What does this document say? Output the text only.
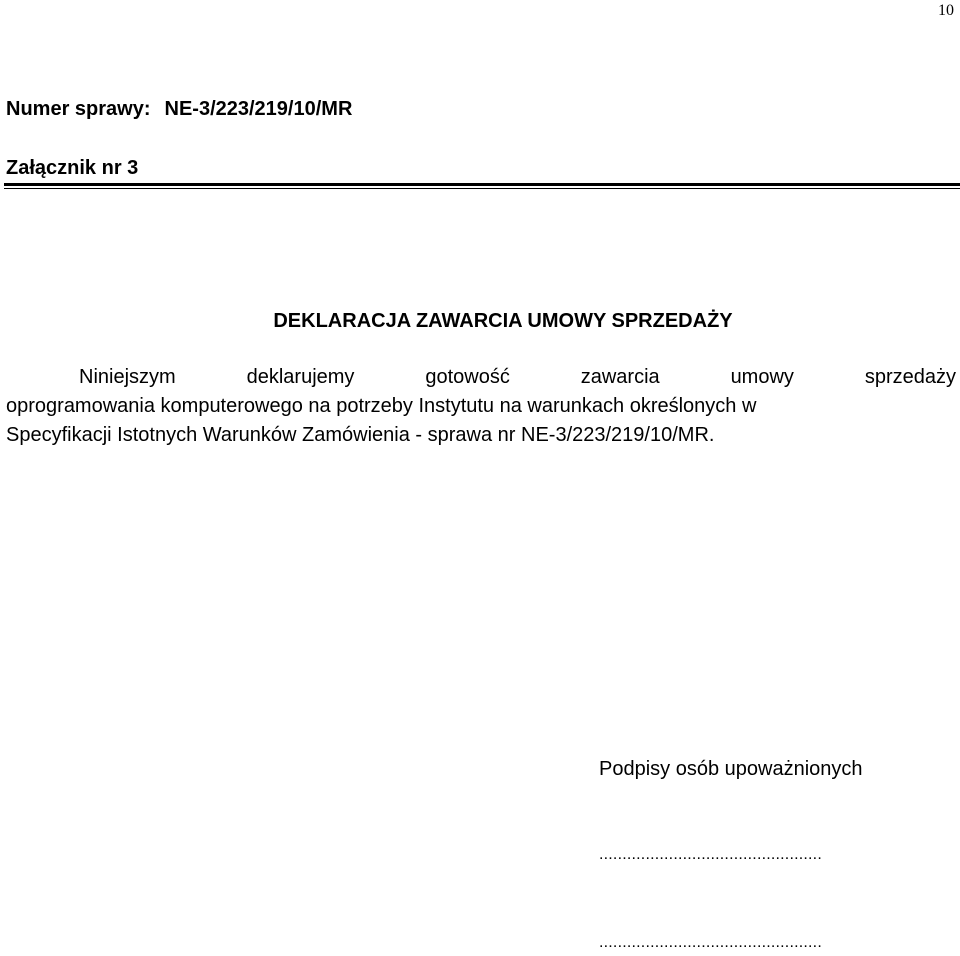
10
Numer sprawy: NE-3/223/219/10/MR
Załącznik nr 3
DEKLARACJA ZAWARCIA UMOWY SPRZEDAŻY
Niniejszym	deklarujemy	gotowość	zawarcia	umowy	sprzedaży
oprogramowania komputerowego na potrzeby Instytutu na warunkach określonych w
Specyfikacji Istotnych Warunków Zamówienia - sprawa nr NE-3/223/219/10/MR.
Podpisy osób upoważnionych
................................................
................................................
